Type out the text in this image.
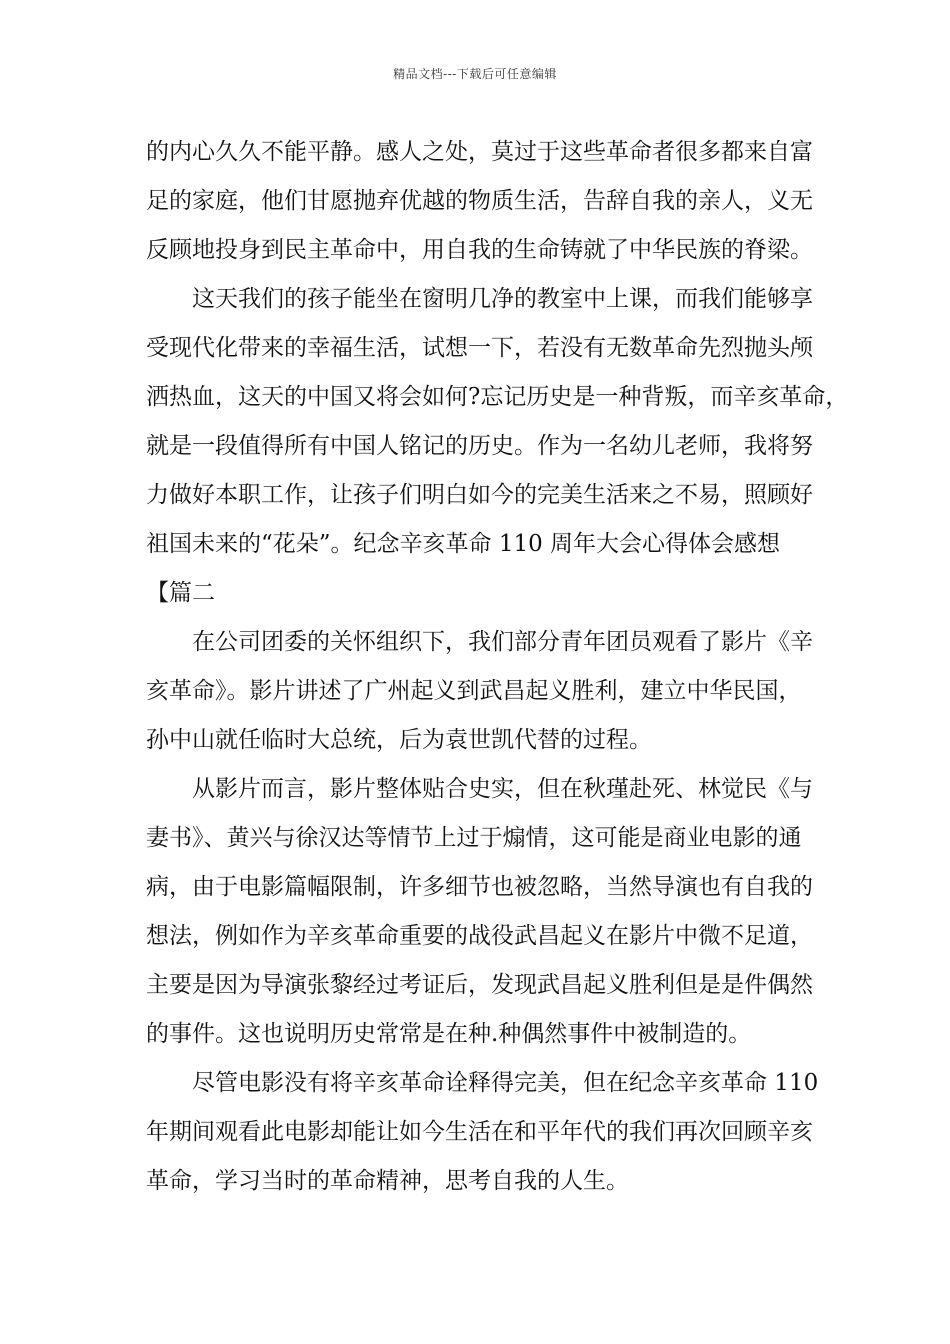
精品文档---下载后可任意编辑
的内心久久不能平静。感人之处，莫过于这些革命者很多都来自富
足的家庭，他们甘愿抛弃优越的物质生活，告辞自我的亲人，义无
反顾地投身到民主革命中，用自我的生命铸就了中华民族的脊梁。
这天我们的孩子能坐在窗明几净的教室中上课，而我们能够享
受现代化带来的幸福生活，试想一下，若没有无数革命先烈抛头颅
洒热血，这天的中国又将会如何?忘记历史是一种背叛，而辛亥革命，
就是一段值得所有中国人铭记的历史。作为一名幼儿老师，我将努
力做好本职工作，让孩子们明白如今的完美生活来之不易，照顾好
祖国未来的“花朵”。纪念辛亥革命 110 周年大会心得体会感想
【篇二
在公司团委的关怀组织下，我们部分青年团员观看了影片《辛
亥革命》。影片讲述了广州起义到武昌起义胜利，建立中华民国，
孙中山就任临时大总统，后为袁世凯代替的过程。
从影片而言，影片整体贴合史实，但在秋瑾赴死、林觉民《与
妻书》、黄兴与徐汉达等情节上过于煽情，这可能是商业电影的通
病，由于电影篇幅限制，许多细节也被忽略，当然导演也有自我的
想法，例如作为辛亥革命重要的战役武昌起义在影片中微不足道，
主要是因为导演张黎经过考证后，发现武昌起义胜利但是是件偶然
的事件。这也说明历史常常是在种.种偶然事件中被制造的。
尽管电影没有将辛亥革命诠释得完美，但在纪念辛亥革命 110
年期间观看此电影却能让如今生活在和平年代的我们再次回顾辛亥
革命，学习当时的革命精神，思考自我的人生。
